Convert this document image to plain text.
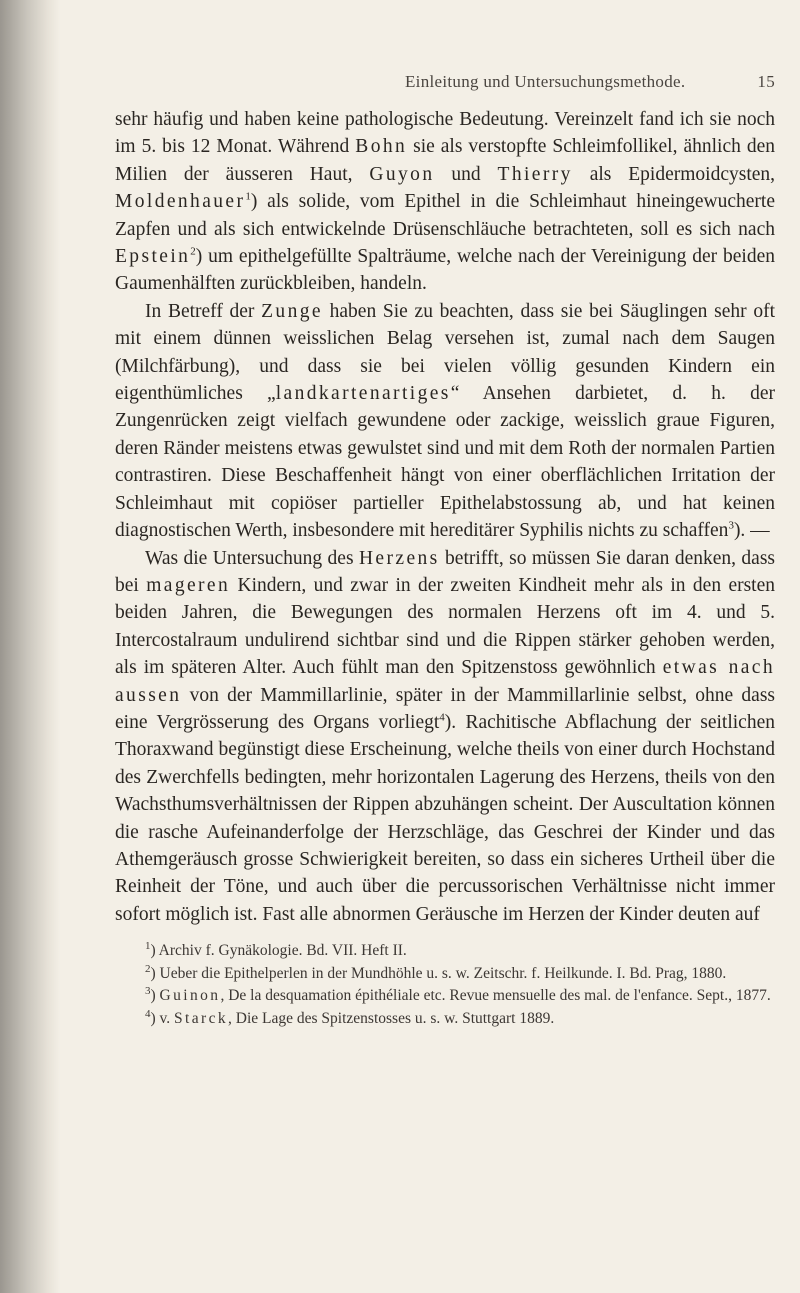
Einleitung und Untersuchungsmethode.	15

sehr häufig und haben keine pathologische Bedeutung. Vereinzelt fand ich sie noch im 5. bis 12 Monat. Während Bohn sie als verstopfte Schleimfollikel, ähnlich den Milien der äusseren Haut, Guyon und Thierry als Epidermoidcysten, Moldenhauer$^1$) als solide, vom Epithel in die Schleimhaut hineingewucherte Zapfen und als sich entwickelnde Drüsenschläuche betrachteten, soll es sich nach Epstein$^2$) um epithelgefüllte Spalträume, welche nach der Vereinigung der beiden Gaumenhälften zurückbleiben, handeln.

In Betreff der Zunge haben Sie zu beachten, dass sie bei Säuglingen sehr oft mit einem dünnen weisslichen Belag versehen ist, zumal nach dem Saugen (Milchfärbung), und dass sie bei vielen völlig gesunden Kindern ein eigenthümliches „landkartenartiges“ Ansehen darbietet, d. h. der Zungenrücken zeigt vielfach gewundene oder zackige, weisslich graue Figuren, deren Ränder meistens etwas gewulstet sind und mit dem Roth der normalen Partien contrastiren. Diese Beschaffenheit hängt von einer oberflächlichen Irritation der Schleimhaut mit copiöser partieller Epithelabstossung ab, und hat keinen diagnostischen Werth, insbesondere mit hereditärer Syphilis nichts zu schaffen$^3$). —

Was die Untersuchung des Herzens betrifft, so müssen Sie daran denken, dass bei mageren Kindern, und zwar in der zweiten Kindheit mehr als in den ersten beiden Jahren, die Bewegungen des normalen Herzens oft im 4. und 5. Intercostalraum undulirend sichtbar sind und die Rippen stärker gehoben werden, als im späteren Alter. Auch fühlt man den Spitzenstoss gewöhnlich etwas nach aussen von der Mammillarlinie, später in der Mammillarlinie selbst, ohne dass eine Vergrösserung des Organs vorliegt$^4$). Rachitische Abflachung der seitlichen Thoraxwand begünstigt diese Erscheinung, welche theils von einer durch Hochstand des Zwerchfells bedingten, mehr horizontalen Lagerung des Herzens, theils von den Wachsthumsverhältnissen der Rippen abzuhängen scheint. Der Auscultation können die rasche Aufeinanderfolge der Herzschläge, das Geschrei der Kinder und das Athemgeräusch grosse Schwierigkeit bereiten, so dass ein sicheres Urtheil über die Reinheit der Töne, und auch über die percussorischen Verhältnisse nicht immer sofort möglich ist. Fast alle abnormen Geräusche im Herzen der Kinder deuten auf

$^1$) Archiv f. Gynäkologie. Bd. VII. Heft II.

$^2$) Ueber die Epithelperlen in der Mundhöhle u. s. w. Zeitschr. f. Heilkunde. I. Bd. Prag, 1880.

$^3$) Guinon, De la desquamation épithéliale etc. Revue mensuelle des mal. de l'enfance. Sept., 1877.

$^4$) v. Starck, Die Lage des Spitzenstosses u. s. w. Stuttgart 1889.
